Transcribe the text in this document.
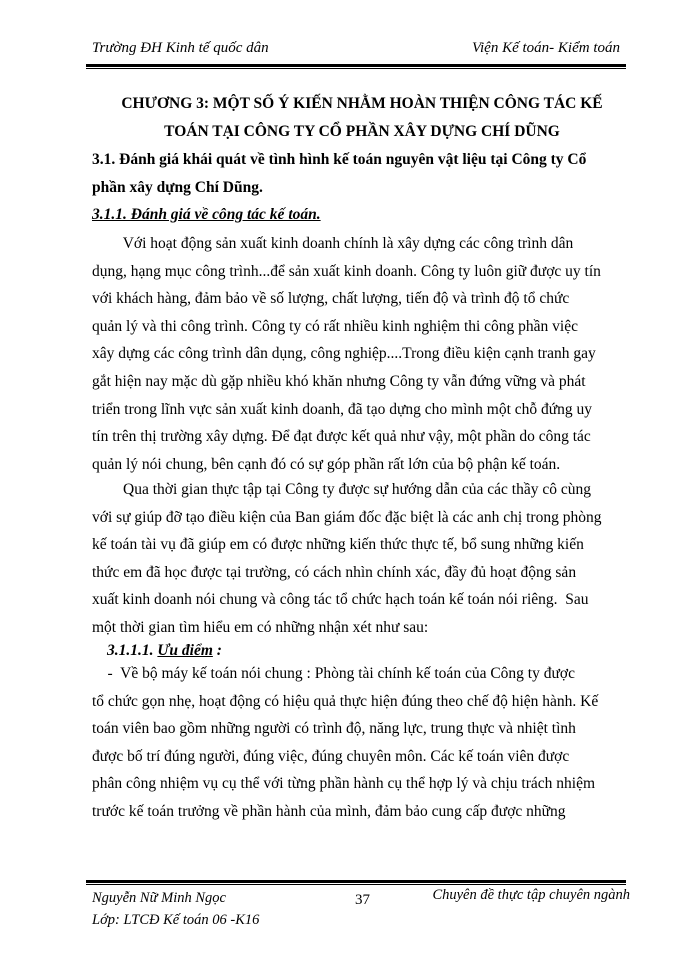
Trường ĐH Kinh tế quốc dân	Viện Kế toán- Kiểm toán
CHƯƠNG 3: MỘT SỐ Ý KIẾN NHẰM HOÀN THIỆN CÔNG TÁC KẾ
TOÁN TẠI CÔNG TY CỔ PHẦN XÂY DỰNG CHÍ DŨNG
3.1. Đánh giá khái quát về tình hình kế toán nguyên vật liệu tại Công ty Cổ
phần xây dựng Chí Dũng.
3.1.1. Đánh giá về công tác kế toán.
Với hoạt động sản xuất kinh doanh chính là xây dựng các công trình dân
dụng, hạng mục công trình...để sản xuất kinh doanh. Công ty luôn giữ được uy tín
với khách hàng, đảm bảo về số lượng, chất lượng, tiến độ và trình độ tổ chức
quản lý và thi công trình. Công ty có rất nhiều kinh nghiệm thi công phần việc
xây dựng các công trình dân dụng, công nghiệp....Trong điều kiện cạnh tranh gay
gắt hiện nay mặc dù gặp nhiều khó khăn nhưng Công ty vẫn đứng vững và phát
triển trong lĩnh vực sản xuất kinh doanh, đã tạo dựng cho mình một chỗ đứng uy
tín trên thị trường xây dựng. Để đạt được kết quả như vậy, một phần do công tác
quản lý nói chung, bên cạnh đó có sự góp phần rất lớn của bộ phận kế toán.
Qua thời gian thực tập tại Công ty được sự hướng dẫn của các thầy cô cùng
với sự giúp đỡ tạo điều kiện của Ban giám đốc đặc biệt là các anh chị trong phòng
kế toán tài vụ đã giúp em có được những kiến thức thực tế, bổ sung những kiến
thức em đã học được tại trường, có cách nhìn chính xác, đầy đủ hoạt động sản
xuất kinh doanh nói chung và công tác tổ chức hạch toán kế toán nói riêng.  Sau
một thời gian tìm hiểu em có những nhận xét như sau:
3.1.1.1. Ưu điểm :
-  Về bộ máy kế toán nói chung : Phòng tài chính kế toán của Công ty được
tổ chức gọn nhẹ, hoạt động có hiệu quả thực hiện đúng theo chế độ hiện hành. Kế
toán viên bao gồm những người có trình độ, năng lực, trung thực và nhiệt tình
được bố trí đúng người, đúng việc, đúng chuyên môn. Các kế toán viên được
phân công nhiệm vụ cụ thể với từng phần hành cụ thể hợp lý và chịu trách nhiệm
trước kế toán trưởng về phần hành của mình, đảm bảo cung cấp được những
Nguyễn Nữ Minh Ngọc
Lớp: LTCĐ Kế toán 06 -K16
37	Chuyên đề thực tập chuyên ngành
